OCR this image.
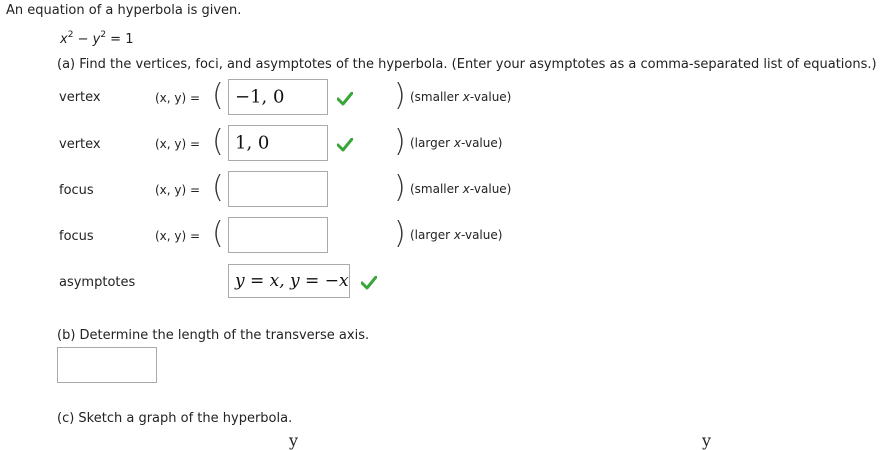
An equation of a hyperbola is given.
$x^2 - y^2 = 1$
(a) Find the vertices, foci, and asymptotes of the hyperbola. (Enter your asymptotes as a comma-separated list of equations.)
vertex	(x, y) = ( −1, 0	) (smaller x-value)
vertex	(x, y) = ( 1, 0	) (larger x-value)
focus	(x, y) = (	) (smaller x-value)
focus	(x, y) = (	) (larger x-value)
asymptotes	y = x, y = −x
(b) Determine the length of the transverse axis.
(c) Sketch a graph of the hyperbola.
y	y
